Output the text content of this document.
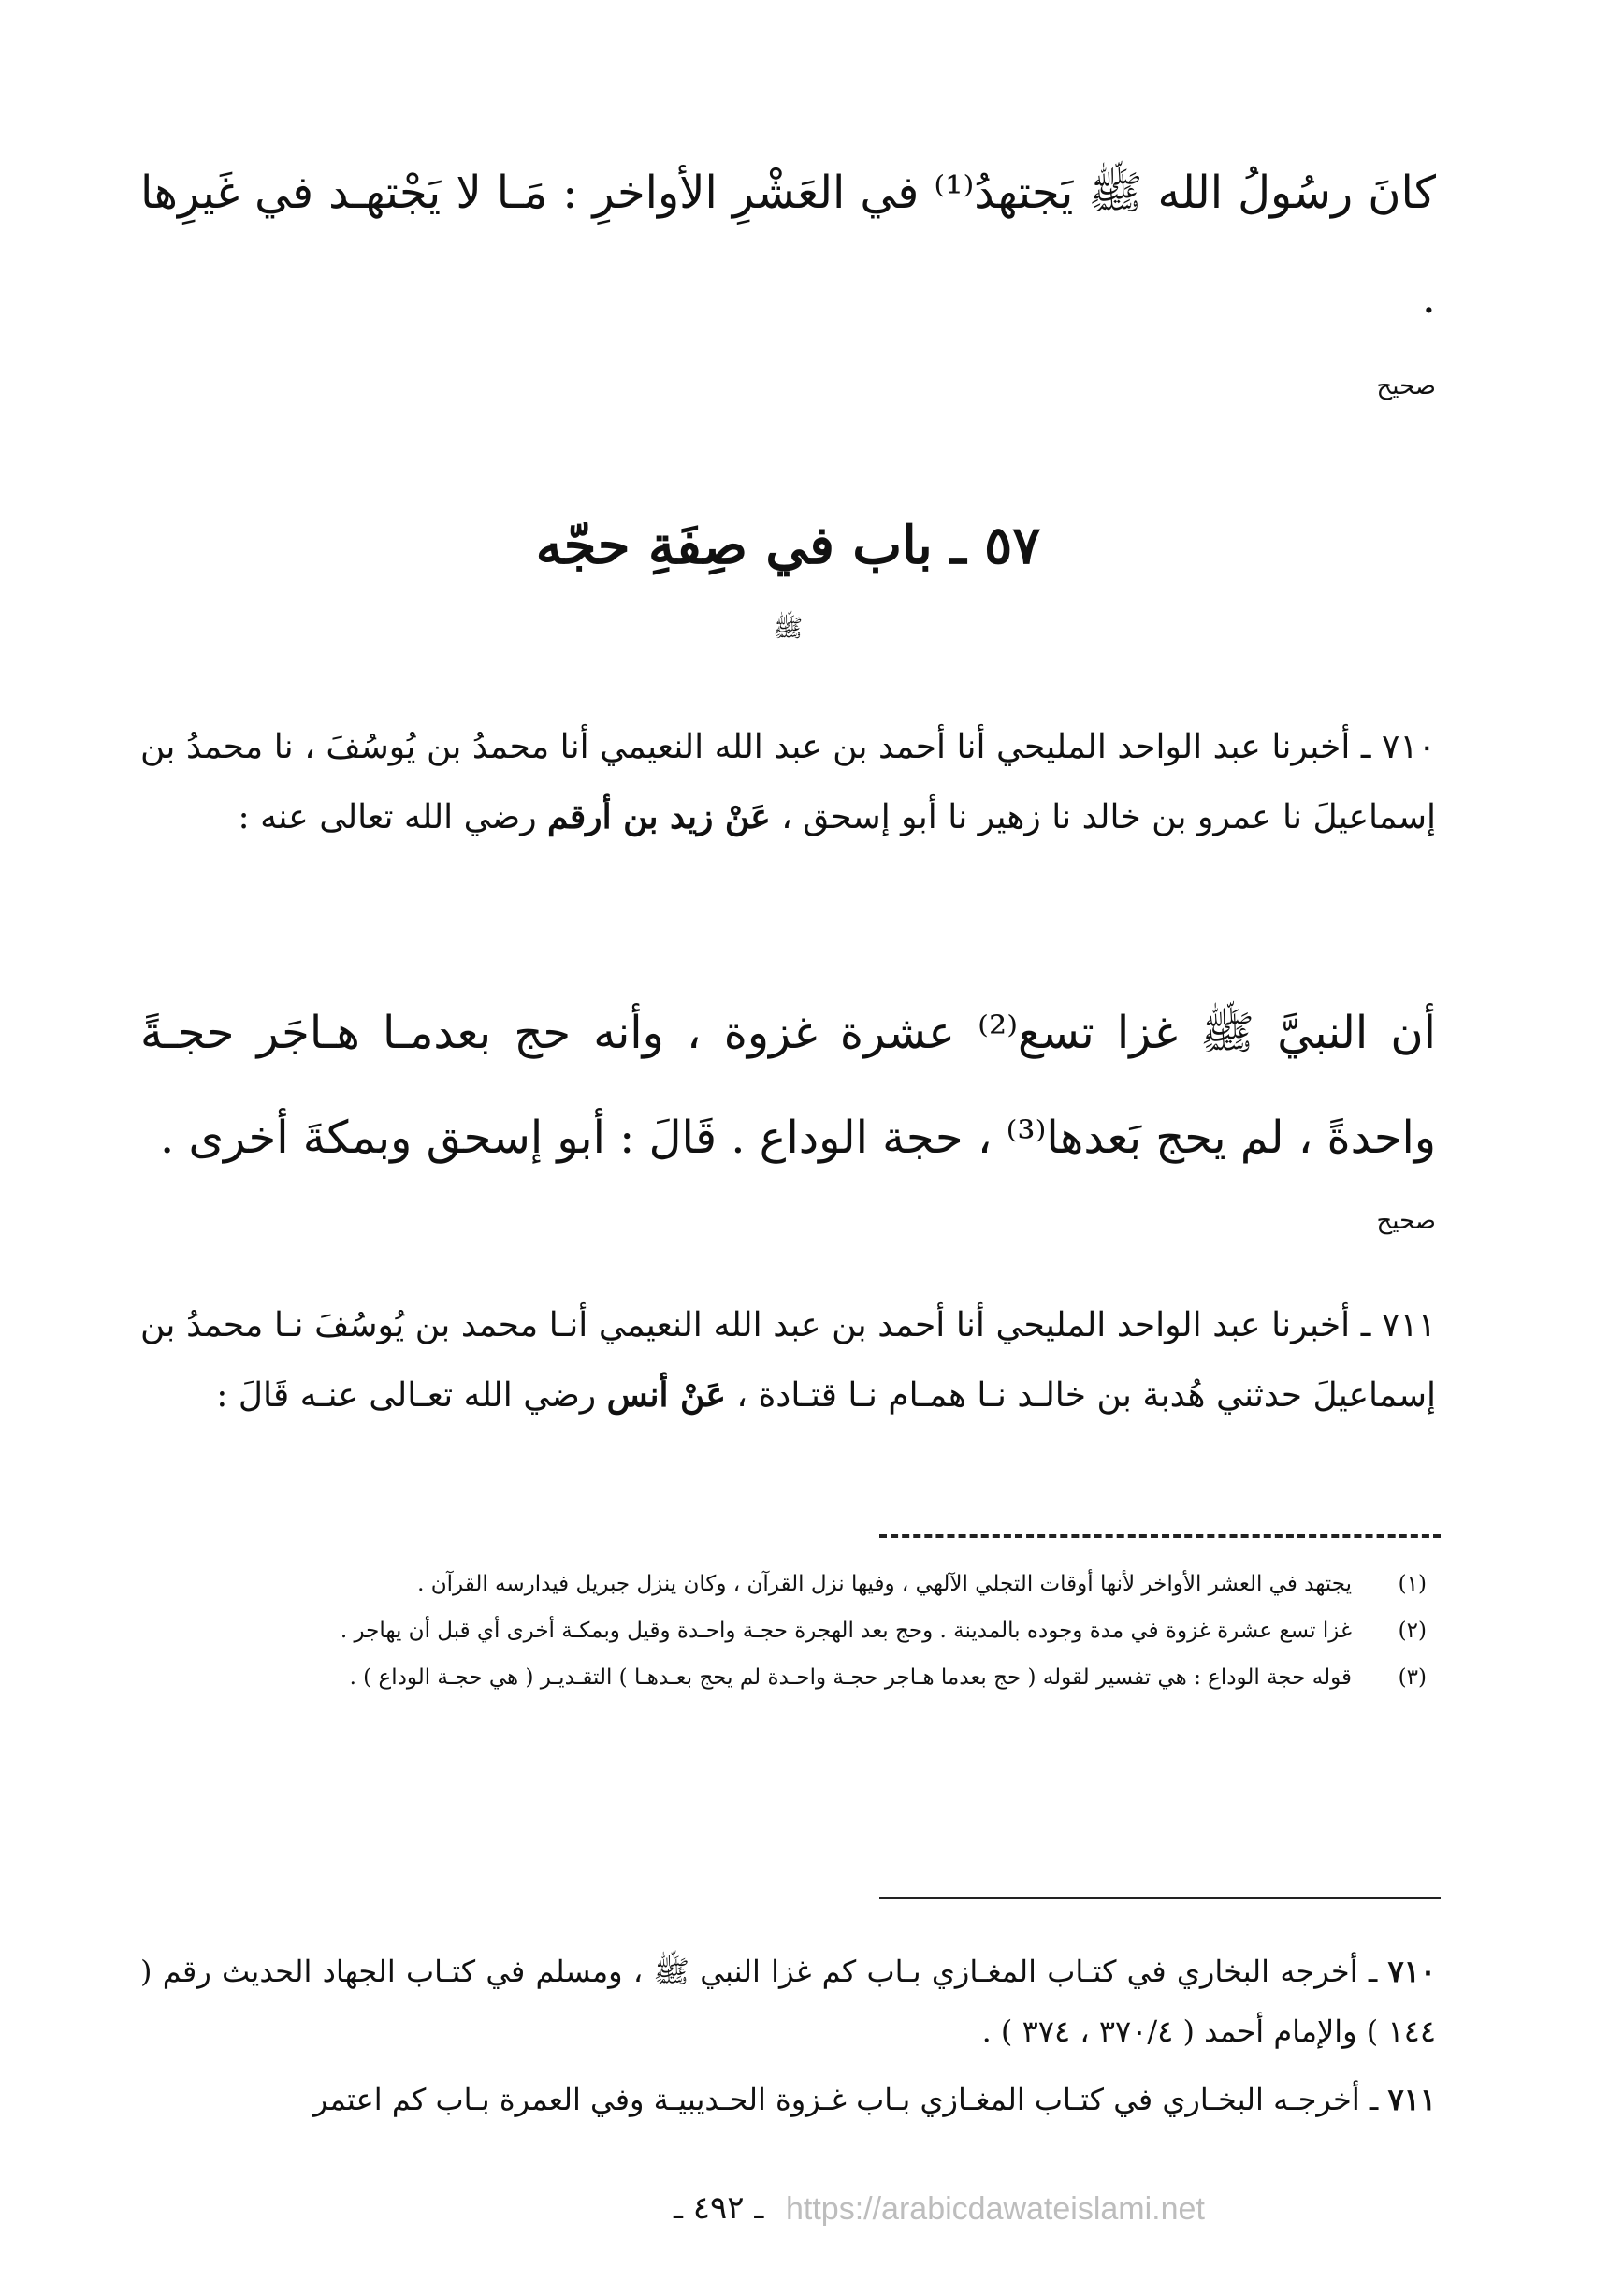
كانَ رسُولُ الله ﷺ يَجتهدُ⁽¹⁾ في العَشْرِ الأواخرِ : مَـا لا يَجْتهـد في غَيرِها .
صحيح
٥٧ ـ باب في صِفَةِ حجّه
ﷺ
٧١٠ ـ أخبرنا عبد الواحد المليحي أنا أحمد بن عبد الله النعيمي أنا محمدُ بن يُوسُفَ ، نا محمدُ بن إسماعيلَ نا عمرو بن خالد نا زهير نا أبو إسحق ، عَنْ زيد بن أرقم رضي الله تعالى عنه :
أن النبيَّ ﷺ غزا تسع⁽²⁾ عشرة غزوة ، وأنه حج بعدمـا هـاجَر حجـةً واحدةً ، لم يحج بَعدها⁽³⁾ ، حجة الوداع . قَالَ : أبو إسحق وبمكةَ أخرى .
صحيح
٧١١ ـ أخبرنا عبد الواحد المليحي أنا أحمد بن عبد الله النعيمي أنـا محمد بن يُوسُفَ نـا محمدُ بن إسماعيلَ حدثني هُدبة بن خالـد نـا همـام نـا قتـادة ، عَنْ أنس رضي الله تعـالى عنـه قَالَ :
(١)
يجتهد في العشر الأواخر لأنها أوقات التجلي الآلهي ، وفيها نزل القرآن ، وكان ينزل جبريل فيدارسه القرآن .
(٢)
غزا تسع عشرة غزوة في مدة وجوده بالمدينة . وحج بعد الهجرة حجـة واحـدة وقيل وبمكـة أخرى أي قبل أن يهاجر .
(٣)
قوله حجة الوداع : هي تفسير لقوله ( حج بعدما هـاجر حجـة واحـدة لم يحج بعـدهـا ) التقـديـر ( هي حجـة الوداع ) .
٧١٠ ـ أخرجه البخاري في كتـاب المغـازي بـاب كم غزا النبي ﷺ ، ومسلم في كتـاب الجهاد الحديث رقم ( ١٤٤ ) والإمام أحمد ( ٣٧٠/٤ ، ٣٧٤ ) .
٧١١ ـ أخرجـه البخـاري في كتـاب المغـازي بـاب غـزوة الحـديبيـة وفي العمرة بـاب كم اعتمر
ـ ٤٩٢ ـ https://arabicdawateislami.net
